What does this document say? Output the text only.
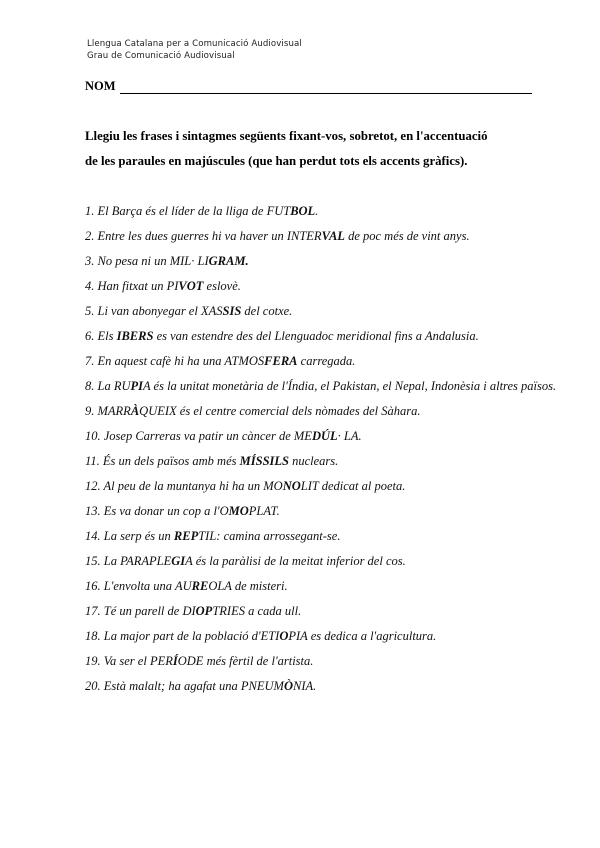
Llengua Catalana per a Comunicació Audiovisual
Grau de Comunicació Audiovisual
NOM
Llegiu les frases i sintagmes següents fixant-vos, sobretot, en l'accentuació
de les paraules en majúscules (que han perdut tots els accents gràfics).
1. El Barça és el líder de la lliga de FUTBOL.
2. Entre les dues guerres hi va haver un INTERVAL de poc més de vint anys.
3. No pesa ni un MIL· LIGRAM.
4. Han fitxat un PIVOT eslovè.
5. Li van abonyegar el XASSIS del cotxe.
6. Els IBERS es van estendre des del Llenguadoc meridional fins a Andalusia.
7. En aquest cafè hi ha una ATMOSFERA carregada.
8. La RUPIA és la unitat monetària de l'Índia, el Pakistan, el Nepal, Indonèsia i altres països.
9. MARRÀQUEIX és el centre comercial dels nòmades del Sàhara.
10. Josep Carreras va patir un càncer de MEDÚL· LA.
11. És un dels països amb més MÍSSILS nuclears.
12. Al peu de la muntanya hi ha un MONOLIT dedicat al poeta.
13. Es va donar un cop a l'OMOPLAT.
14. La serp és un REPTIL: camina arrossegant-se.
15. La PARAPLEGIA és la paràlisi de la meitat inferior del cos.
16. L'envolta una AUREOLA de misteri.
17. Té un parell de DIOPTRIES a cada ull.
18. La major part de la població d'ETIOPIA es dedica a l'agricultura.
19. Va ser el PERÍODE més fèrtil de l'artista.
20. Està malalt; ha agafat una PNEUMÒNIA.
